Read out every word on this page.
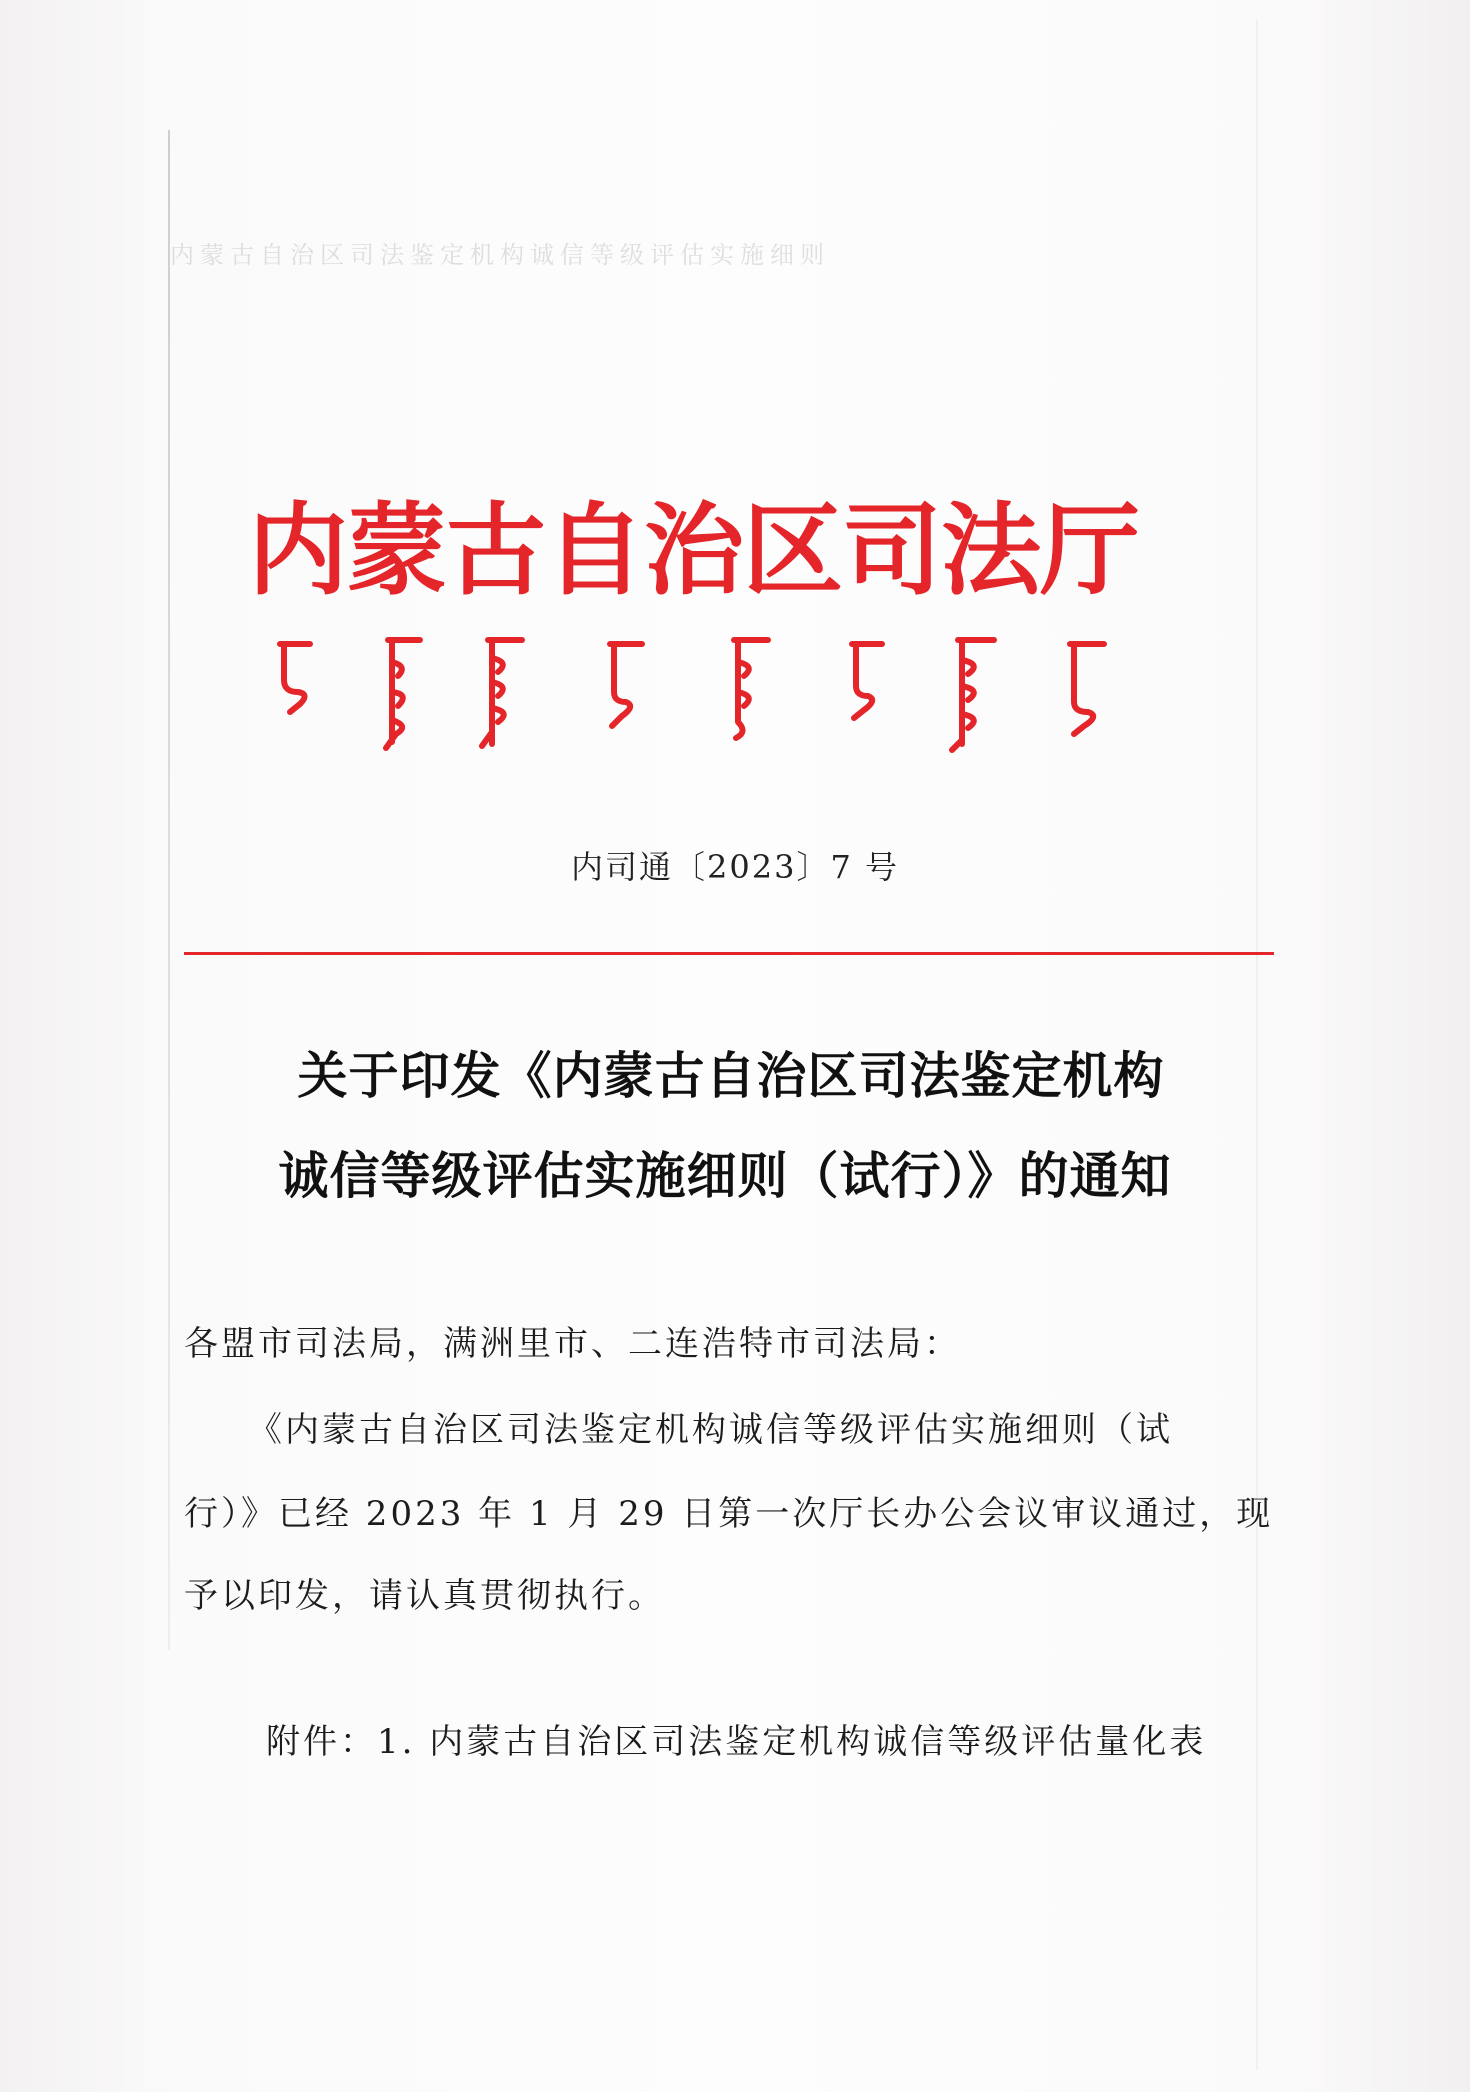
内蒙古自治区司法鉴定机构诚信等级评估实施细则
内蒙古自治区司法厅
内司通〔2023〕7 号
关于印发《内蒙古自治区司法鉴定机构
诚信等级评估实施细则（试行）》的通知
各盟市司法局，满洲里市、二连浩特市司法局：
《内蒙古自治区司法鉴定机构诚信等级评估实施细则（试
行）》已经 2023 年 1 月 29 日第一次厅长办公会议审议通过，现
予以印发，请认真贯彻执行。
附件：1. 内蒙古自治区司法鉴定机构诚信等级评估量化表
